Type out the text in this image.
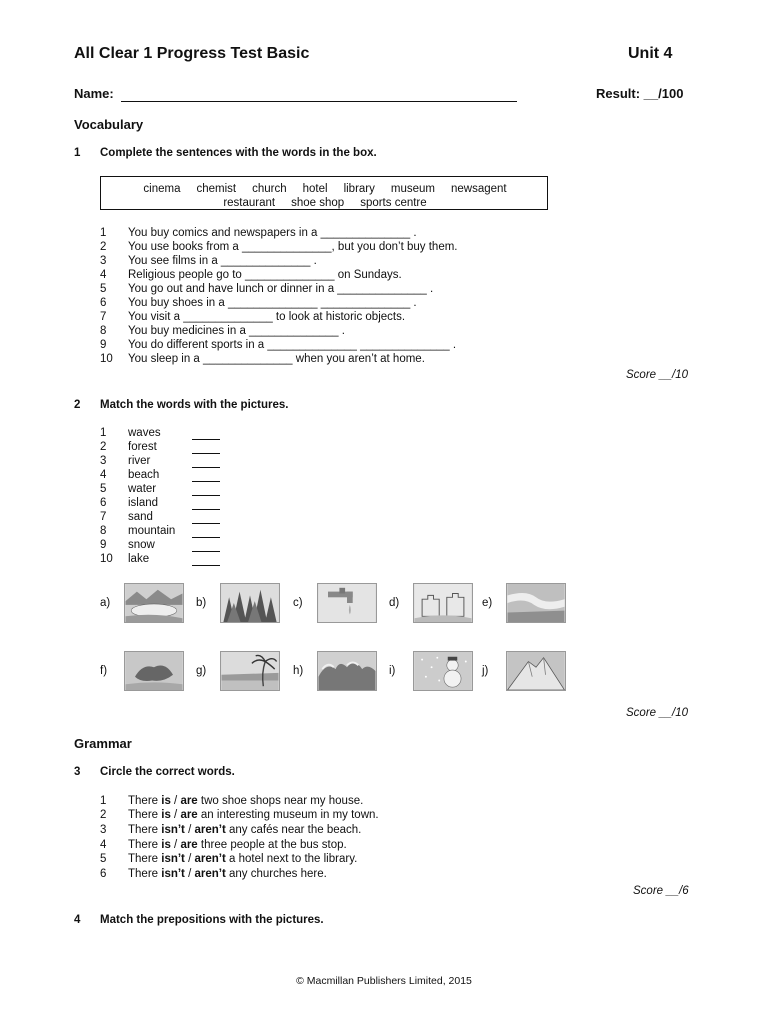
All Clear 1 Progress Test Basic	Unit 4
Name:	Result: __/100
Vocabulary
1 Complete the sentences with the words in the box.
cinema chemist church hotel library museum newsagent
restaurant shoe shop sports centre
1 You buy comics and newspapers in a ______________ .
2 You use books from a ______________, but you don’t buy them.
3 You see films in a ______________ .
4 Religious people go to ______________ on Sundays.
5 You go out and have lunch or dinner in a ______________ .
6 You buy shoes in a ______________ ______________ .
7 You visit a ______________ to look at historic objects.
8 You buy medicines in a ______________ .
9 You do different sports in a ______________ ______________ .
10 You sleep in a ______________ when you aren’t at home.
Score __/10
2 Match the words with the pictures.
1 waves
2 forest
3 river
4 beach
5 water
6 island
7 sand
8 mountain
9 snow
10 lake
a)	b)	c)	d)	e)
f)	g)	h)	i)	j)
Score __/10
Grammar
3 Circle the correct words.
1 There is / are two shoe shops near my house.
2 There is / are an interesting museum in my town.
3 There isn’t / aren’t any cafés near the beach.
4 There is / are three people at the bus stop.
5 There isn’t / aren’t a hotel next to the library.
6 There isn’t / aren’t any churches here.
Score __/6
4 Match the prepositions with the pictures.
© Macmillan Publishers Limited, 2015
